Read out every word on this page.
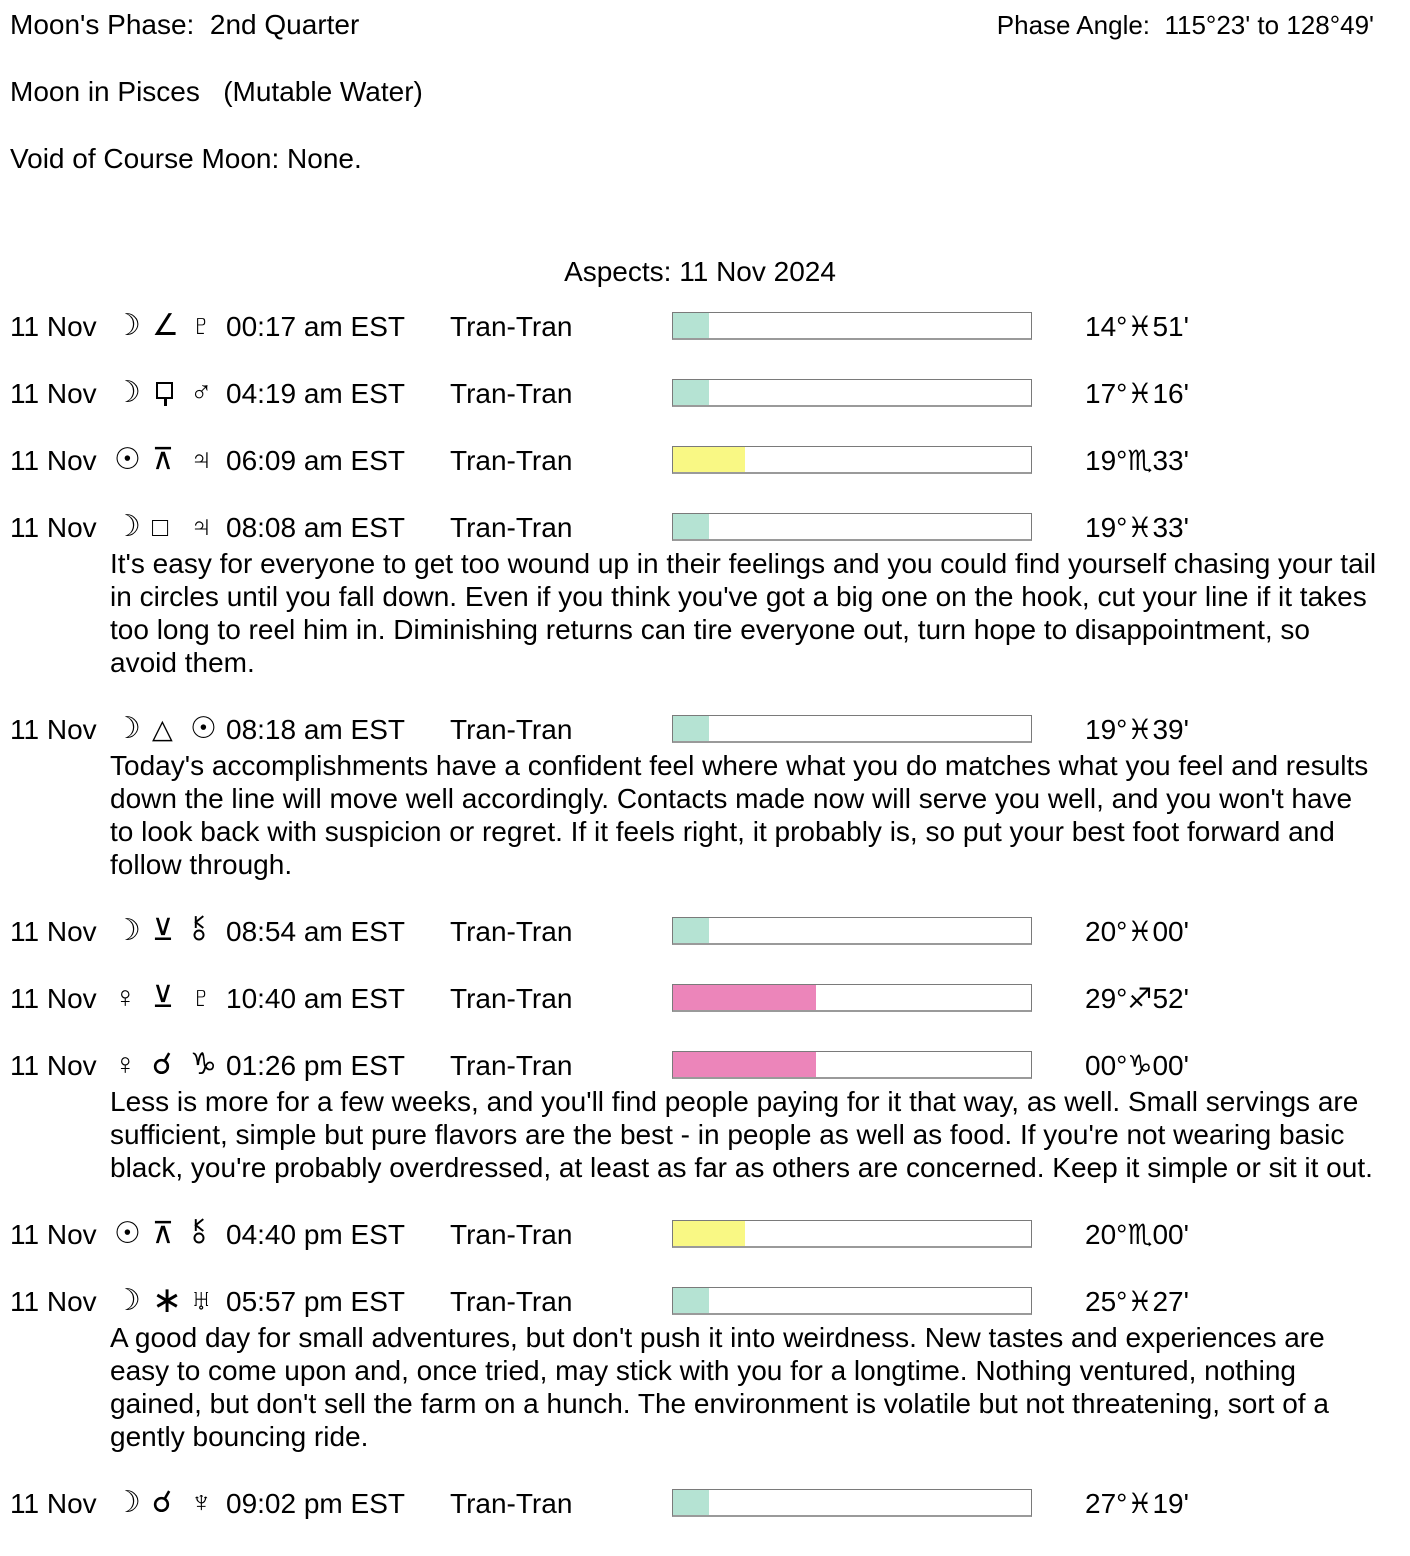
Moon's Phase:  2nd Quarter	Phase Angle:  115°23' to 128°49'
Moon in Pisces   (Mutable Water)
Void of Course Moon: None.
Aspects: 11 Nov 2024
11 Nov ☽ ∠ ♇ 00:17 am EST Tran-Tran	14°♓51'
11 Nov ☽ ♂ 04:19 am EST Tran-Tran	17°♓16'
11 Nov ☉ ⊼ ♃ 06:09 am EST Tran-Tran	19°♏33'
11 Nov ☽ □ ♃ 08:08 am EST Tran-Tran	19°♓33'
It's easy for everyone to get too wound up in their feelings and you could find yourself chasing your tail in circles until you fall down. Even if you think you've got a big one on the hook, cut your line if it takes too long to reel him in. Diminishing returns can tire everyone out, turn hope to disappointment, so avoid them.
11 Nov ☽ △ ☉ 08:18 am EST Tran-Tran	19°♓39'
Today's accomplishments have a confident feel where what you do matches what you feel and results down the line will move well accordingly. Contacts made now will serve you well, and you won't have to look back with suspicion or regret. If it feels right, it probably is, so put your best foot forward and follow through.
11 Nov ☽ ⊻	08:54 am EST Tran-Tran	20°♓00'
11 Nov ♀ ⊻ ♇ 10:40 am EST Tran-Tran	29°♐52'
11 Nov ♀ ☌ ♑ 01:26 pm EST Tran-Tran	00°♑00'
Less is more for a few weeks, and you'll find people paying for it that way, as well. Small servings are sufficient, simple but pure flavors are the best - in people as well as food. If you're not wearing basic black, you're probably overdressed, at least as far as others are concerned. Keep it simple or sit it out.
11 Nov ☉ ⊼	04:40 pm EST Tran-Tran	20°♏00'
11 Nov ☽ ∗ ♅ 05:57 pm EST Tran-Tran	25°♓27'
A good day for small adventures, but don't push it into weirdness. New tastes and experiences are easy to come upon and, once tried, may stick with you for a longtime. Nothing ventured, nothing gained, but don't sell the farm on a hunch. The environment is volatile but not threatening, sort of a gently bouncing ride.
11 Nov ☽ ☌ ♆ 09:02 pm EST Tran-Tran	27°♓19'
